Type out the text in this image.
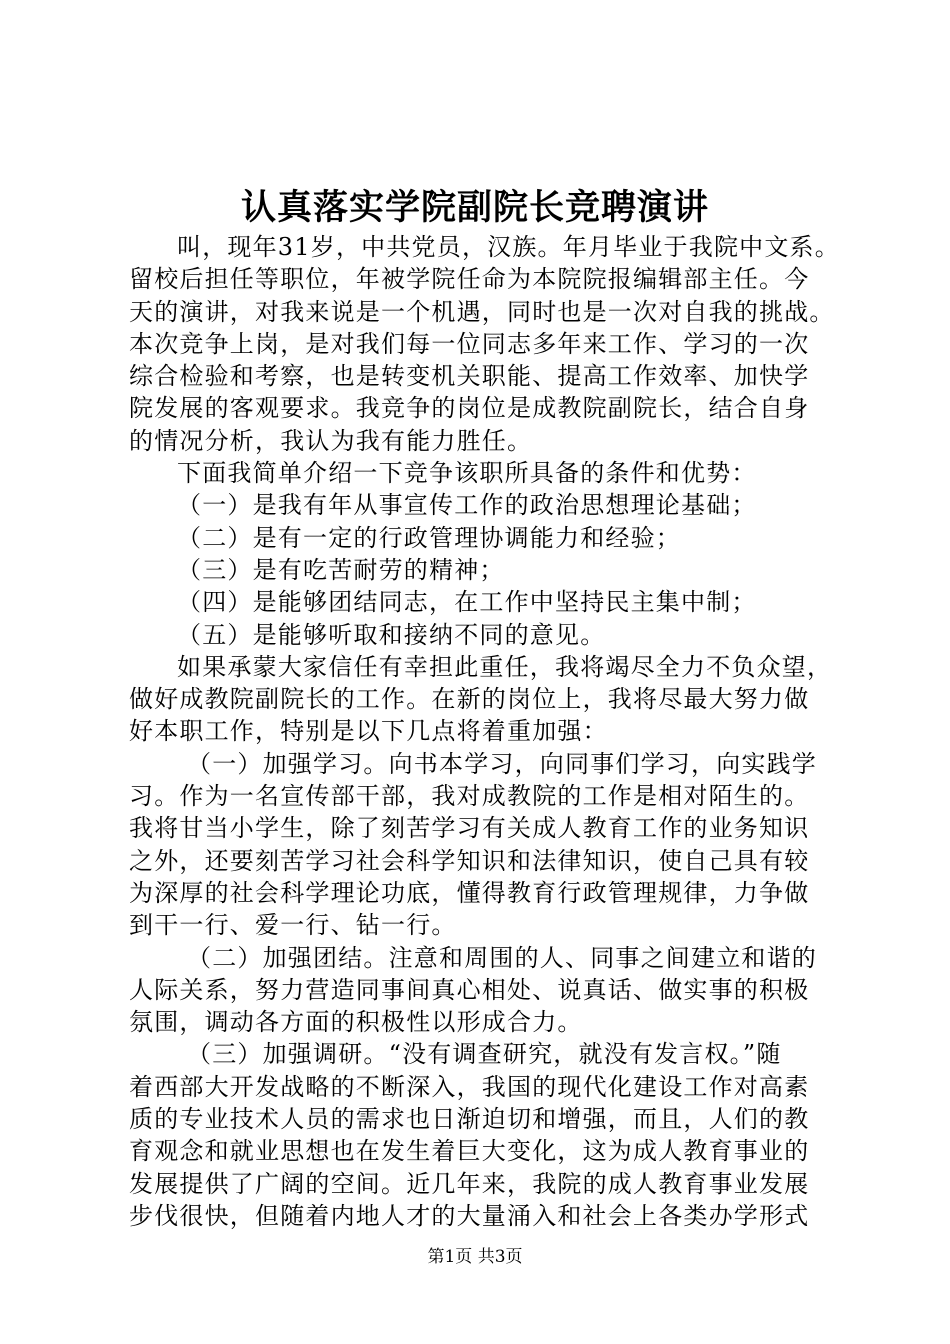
认真落实学院副院长竞聘演讲
叫，现年31岁，中共党员，汉族。年月毕业于我院中文系。
留校后担任等职位，年被学院任命为本院院报编辑部主任。今
天的演讲，对我来说是一个机遇，同时也是一次对自我的挑战。
本次竞争上岗，是对我们每一位同志多年来工作、学习的一次
综合检验和考察，也是转变机关职能、提高工作效率、加快学
院发展的客观要求。我竞争的岗位是成教院副院长，结合自身
的情况分析，我认为我有能力胜任。
下面我简单介绍一下竞争该职所具备的条件和优势：
（一）是我有年从事宣传工作的政治思想理论基础；
（二）是有一定的行政管理协调能力和经验；
（三）是有吃苦耐劳的精神；
（四）是能够团结同志，在工作中坚持民主集中制；
（五）是能够听取和接纳不同的意见。
如果承蒙大家信任有幸担此重任，我将竭尽全力不负众望，
做好成教院副院长的工作。在新的岗位上，我将尽最大努力做
好本职工作，特别是以下几点将着重加强：
（一）加强学习。向书本学习，向同事们学习，向实践学
习。作为一名宣传部干部，我对成教院的工作是相对陌生的。
我将甘当小学生，除了刻苦学习有关成人教育工作的业务知识
之外，还要刻苦学习社会科学知识和法律知识，使自己具有较
为深厚的社会科学理论功底，懂得教育行政管理规律，力争做
到干一行、爱一行、钻一行。
（二）加强团结。注意和周围的人、同事之间建立和谐的
人际关系，努力营造同事间真心相处、说真话、做实事的积极
氛围，调动各方面的积极性以形成合力。
（三）加强调研。“没有调查研究，就没有发言权。”随
着西部大开发战略的不断深入，我国的现代化建设工作对高素
质的专业技术人员的需求也日渐迫切和增强，而且，人们的教
育观念和就业思想也在发生着巨大变化，这为成人教育事业的
发展提供了广阔的空间。近几年来，我院的成人教育事业发展
步伐很快，但随着内地人才的大量涌入和社会上各类办学形式
第1页 共3页
